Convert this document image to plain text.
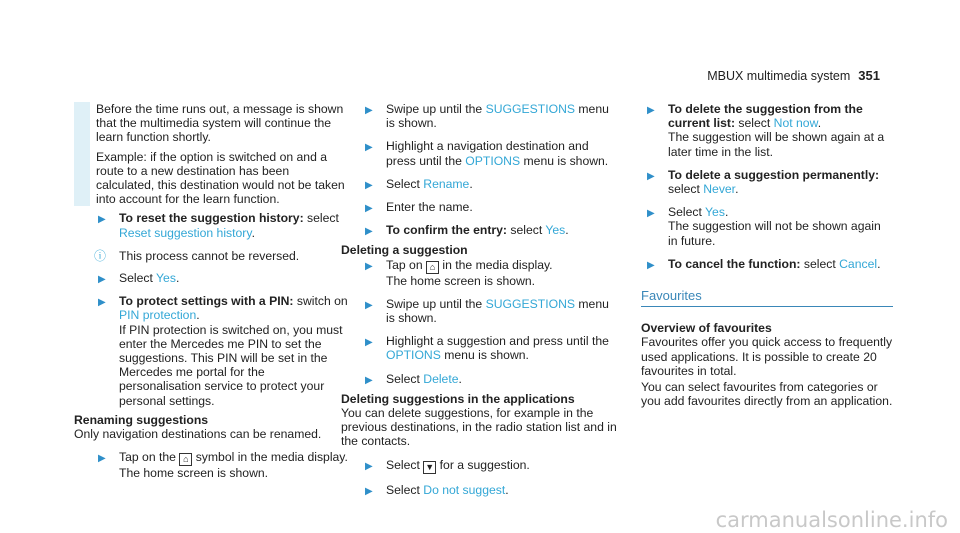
MBUX multimedia system 351

Before the time runs out, a message is shown that the multimedia system will continue the learn function shortly.

Example: if the option is switched on and a route to a new destination has been calculated, this destination would not be taken into account for the learn function.

▶ To reset the suggestion history: select
Reset suggestion history.
ⓘ This process cannot be reversed.
▶ Select Yes.
▶ To protect settings with a PIN: switch on
PIN protection.
If PIN protection is switched on, you must enter the Mercedes me PIN to set the suggestions. This PIN will be set in the Mercedes me portal for the personalisation service to protect your personal settings.

Renaming suggestions

Only navigation destinations can be renamed.

▶ Tap on the ⌂ symbol in the media display.
The home screen is shown.
▶ Swipe up until the SUGGESTIONS menu is shown.
▶ Highlight a navigation destination and press until the OPTIONS menu is shown.
▶ Select Rename.
▶ Enter the name.
▶ To confirm the entry: select Yes.

Deleting a suggestion

▶ Tap on ⌂ in the media display.
The home screen is shown.
▶ Swipe up until the SUGGESTIONS menu is shown.
▶ Highlight a suggestion and press until the OPTIONS menu is shown.
▶ Select Delete.

Deleting suggestions in the applications

You can delete suggestions, for example in the previous destinations, in the radio station list and in the contacts.

▶ Select ▼ for a suggestion.
▶ Select Do not suggest.
▶ To delete the suggestion from the current list: select Not now.
The suggestion will be shown again at a later time in the list.
▶ To delete a suggestion permanently:
select Never.
▶ Select Yes.
The suggestion will not be shown again in future.
▶ To cancel the function: select Cancel.

Favourites

Overview of favourites

Favourites offer you quick access to frequently used applications. It is possible to create 20 favourites in total.

You can select favourites from categories or you add favourites directly from an application.

carmanualsonline.info
